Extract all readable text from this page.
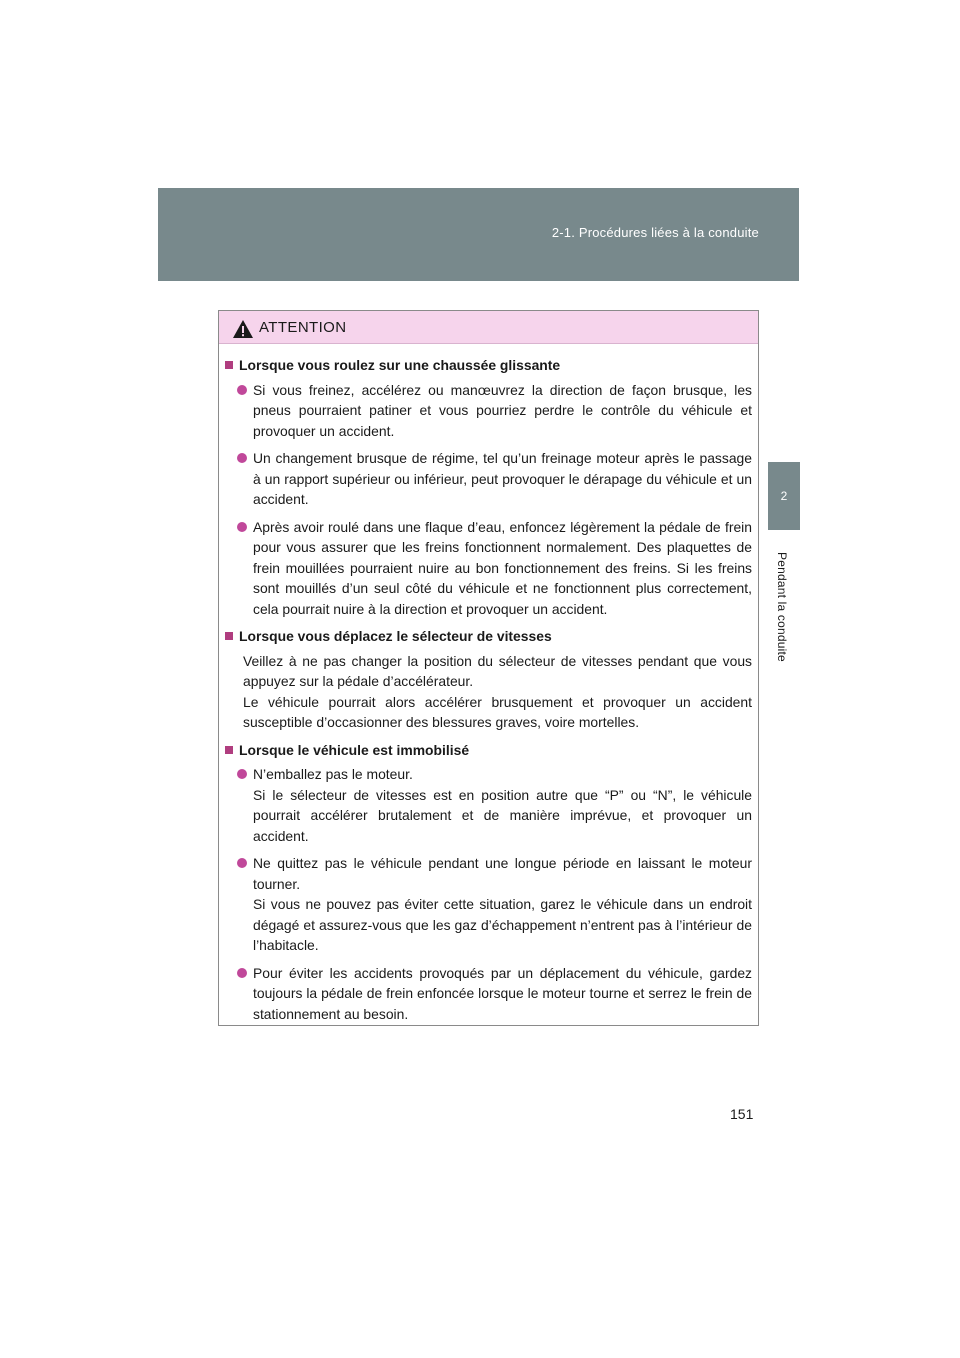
2-1. Procédures liées à la conduite
2
Pendant la conduite
ATTENTION
Lorsque vous roulez sur une chaussée glissante
Si vous freinez, accélérez ou manœuvrez la direction de façon brusque, les pneus pourraient patiner et vous pourriez perdre le contrôle du véhicule et provoquer un accident.
Un changement brusque de régime, tel qu’un freinage moteur après le passage à un rapport supérieur ou inférieur, peut provoquer le dérapage du véhicule et un accident.
Après avoir roulé dans une flaque d’eau, enfoncez légèrement la pédale de frein pour vous assurer que les freins fonctionnent normalement. Des plaquettes de frein mouillées pourraient nuire au bon fonctionnement des freins. Si les freins sont mouillés d’un seul côté du véhicule et ne fonctionnent plus correctement, cela pourrait nuire à la direction et provoquer un accident.
Lorsque vous déplacez le sélecteur de vitesses
Veillez à ne pas changer la position du sélecteur de vitesses pendant que vous appuyez sur la pédale d’accélérateur.
Le véhicule pourrait alors accélérer brusquement et provoquer un accident susceptible d’occasionner des blessures graves, voire mortelles.
Lorsque le véhicule est immobilisé
N’emballez pas le moteur.
Si le sélecteur de vitesses est en position autre que “P” ou “N”, le véhicule pourrait accélérer brutalement et de manière imprévue, et provoquer un accident.
Ne quittez pas le véhicule pendant une longue période en laissant le moteur tourner.
Si vous ne pouvez pas éviter cette situation, garez le véhicule dans un endroit dégagé et assurez-vous que les gaz d’échappement n’entrent pas à l’intérieur de l’habitacle.
Pour éviter les accidents provoqués par un déplacement du véhicule, gardez toujours la pédale de frein enfoncée lorsque le moteur tourne et serrez le frein de stationnement au besoin.
151
